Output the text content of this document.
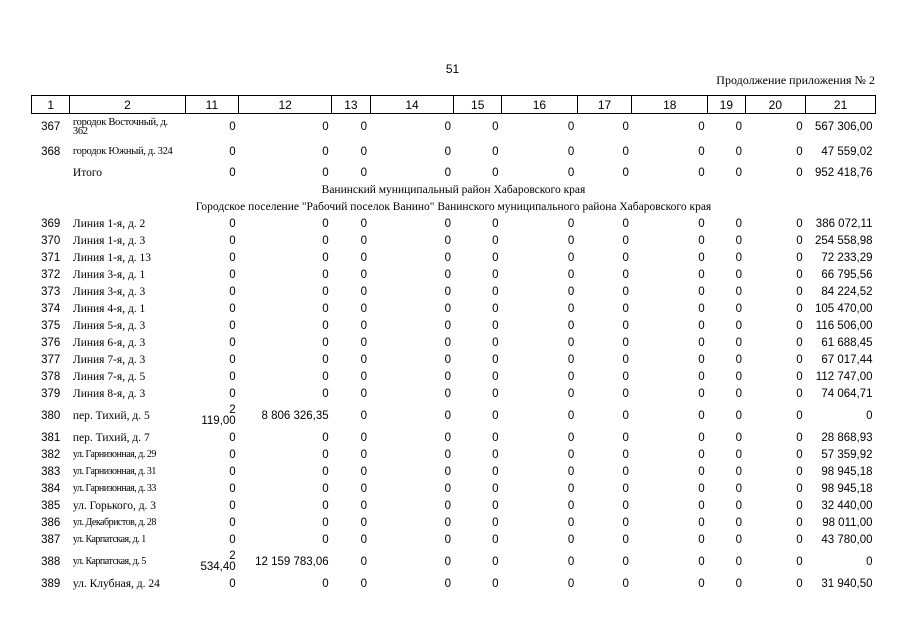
51
Продолжение приложения № 2
1	2	11	12	13	14	15	16	17	18	19	20	21
367	городок Восточный, д. 362	0	0	0	0	0	0	0	0	0	0	567 306,00
368	городок Южный, д. 324	0	0	0	0	0	0	0	0	0	0	47 559,02
	Итого	0	0	0	0	0	0	0	0	0	0	952 418,76
Ванинский муниципальный район Хабаровского края												
Городское поселение "Рабочий поселок Ванино" Ванинского муниципального района Хабаровского края												
369	Линия 1-я, д. 2	0	0	0	0	0	0	0	0	0	0	386 072,11
370	Линия 1-я, д. 3	0	0	0	0	0	0	0	0	0	0	254 558,98
371	Линия 1-я, д. 13	0	0	0	0	0	0	0	0	0	0	72 233,29
372	Линия 3-я, д. 1	0	0	0	0	0	0	0	0	0	0	66 795,56
373	Линия 3-я, д. 3	0	0	0	0	0	0	0	0	0	0	84 224,52
374	Линия 4-я, д. 1	0	0	0	0	0	0	0	0	0	0	105 470,00
375	Линия 5-я, д. 3	0	0	0	0	0	0	0	0	0	0	116 506,00
376	Линия 6-я, д. 3	0	0	0	0	0	0	0	0	0	0	61 688,45
377	Линия 7-я, д. 3	0	0	0	0	0	0	0	0	0	0	67 017,44
378	Линия 7-я, д. 5	0	0	0	0	0	0	0	0	0	0	112 747,00
379	Линия 8-я, д. 3	0	0	0	0	0	0	0	0	0	0	74 064,71
380	пер. Тихий, д. 5	2
119,00	8 806 326,35	0	0	0	0	0	0	0	0	0
381	пер. Тихий, д. 7	0	0	0	0	0	0	0	0	0	0	28 868,93
382	ул. Гарнизонная, д. 29	0	0	0	0	0	0	0	0	0	0	57 359,92
383	ул. Гарнизонная, д. 31	0	0	0	0	0	0	0	0	0	0	98 945,18
384	ул. Гарнизонная, д. 33	0	0	0	0	0	0	0	0	0	0	98 945,18
385	ул. Горького, д. 3	0	0	0	0	0	0	0	0	0	0	32 440,00
386	ул. Декабристов, д. 28	0	0	0	0	0	0	0	0	0	0	98 011,00
387	ул. Карпатская, д. 1	0	0	0	0	0	0	0	0	0	0	43 780,00
388	ул. Карпатская, д. 5	2
534,40	12 159 783,06	0	0	0	0	0	0	0	0	0
389	ул. Клубная, д. 24	0	0	0	0	0	0	0	0	0	0	31 940,50
